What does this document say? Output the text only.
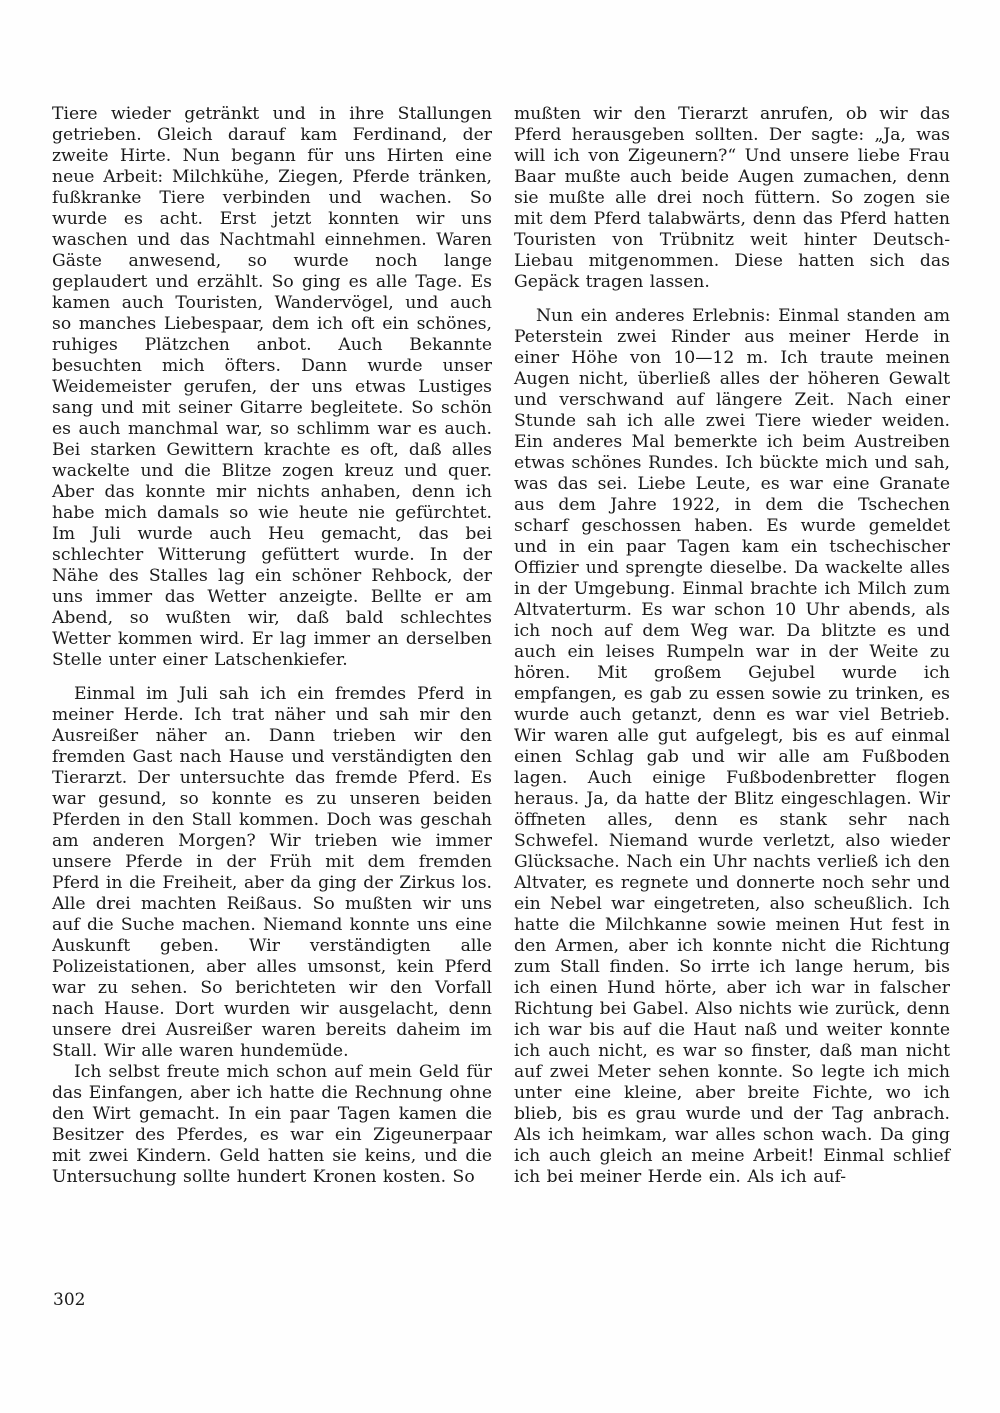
Tiere wieder getränkt und in ihre Stallungen getrieben. Gleich darauf kam Ferdinand, der zweite Hirte. Nun begann für uns Hirten eine neue Arbeit: Milchkühe, Ziegen, Pferde tränken, fußkranke Tiere verbinden und wachen. So wurde es acht. Erst jetzt konnten wir uns waschen und das Nachtmahl einnehmen. Waren Gäste anwesend, so wurde noch lange geplaudert und erzählt. So ging es alle Tage. Es kamen auch Touristen, Wandervögel, und auch so manches Liebespaar, dem ich oft ein schönes, ruhiges Plätzchen anbot. Auch Bekannte besuchten mich öfters. Dann wurde unser Weidemeister gerufen, der uns etwas Lustiges sang und mit seiner Gitarre begleitete. So schön es auch manchmal war, so schlimm war es auch. Bei starken Gewittern krachte es oft, daß alles wackelte und die Blitze zogen kreuz und quer. Aber das konnte mir nichts anhaben, denn ich habe mich damals so wie heute nie gefürchtet. Im Juli wurde auch Heu gemacht, das bei schlechter Witterung gefüttert wurde. In der Nähe des Stalles lag ein schöner Rehbock, der uns immer das Wetter anzeigte. Bellte er am Abend, so wußten wir, daß bald schlechtes Wetter kommen wird. Er lag immer an derselben Stelle unter einer Latschenkiefer.

Einmal im Juli sah ich ein fremdes Pferd in meiner Herde. Ich trat näher und sah mir den Ausreißer näher an. Dann trieben wir den fremden Gast nach Hause und verständigten den Tierarzt. Der untersuchte das fremde Pferd. Es war gesund, so konnte es zu unseren beiden Pferden in den Stall kommen. Doch was geschah am anderen Morgen? Wir trieben wie immer unsere Pferde in der Früh mit dem fremden Pferd in die Freiheit, aber da ging der Zirkus los. Alle drei machten Reißaus. So mußten wir uns auf die Suche machen. Niemand konnte uns eine Auskunft geben. Wir verständigten alle Polizeistationen, aber alles umsonst, kein Pferd war zu sehen. So berichteten wir den Vorfall nach Hause. Dort wurden wir ausgelacht, denn unsere drei Ausreißer waren bereits daheim im Stall. Wir alle waren hundemüde.

Ich selbst freute mich schon auf mein Geld für das Einfangen, aber ich hatte die Rechnung ohne den Wirt gemacht. In ein paar Tagen kamen die Besitzer des Pferdes, es war ein Zigeunerpaar mit zwei Kindern. Geld hatten sie keins, und die Untersuchung sollte hundert Kronen kosten. So

mußten wir den Tierarzt anrufen, ob wir das Pferd herausgeben sollten. Der sagte: „Ja, was will ich von Zigeunern?“ Und unsere liebe Frau Baar mußte auch beide Augen zumachen, denn sie mußte alle drei noch füttern. So zogen sie mit dem Pferd talabwärts, denn das Pferd hatten Touristen von Trübnitz weit hinter Deutsch-Liebau mitgenommen. Diese hatten sich das Gepäck tragen lassen.

Nun ein anderes Erlebnis: Einmal standen am Peterstein zwei Rinder aus meiner Herde in einer Höhe von 10—12 m. Ich traute meinen Augen nicht, überließ alles der höheren Gewalt und verschwand auf längere Zeit. Nach einer Stunde sah ich alle zwei Tiere wieder weiden. Ein anderes Mal bemerkte ich beim Austreiben etwas schönes Rundes. Ich bückte mich und sah, was das sei. Liebe Leute, es war eine Granate aus dem Jahre 1922, in dem die Tschechen scharf geschossen haben. Es wurde gemeldet und in ein paar Tagen kam ein tschechischer Offizier und sprengte dieselbe. Da wackelte alles in der Umgebung. Einmal brachte ich Milch zum Altvaterturm. Es war schon 10 Uhr abends, als ich noch auf dem Weg war. Da blitzte es und auch ein leises Rumpeln war in der Weite zu hören. Mit großem Gejubel wurde ich empfangen, es gab zu essen sowie zu trinken, es wurde auch getanzt, denn es war viel Betrieb. Wir waren alle gut aufgelegt, bis es auf einmal einen Schlag gab und wir alle am Fußboden lagen. Auch einige Fußbodenbretter flogen heraus. Ja, da hatte der Blitz eingeschlagen. Wir öffneten alles, denn es stank sehr nach Schwefel. Niemand wurde verletzt, also wieder Glücksache. Nach ein Uhr nachts verließ ich den Altvater, es regnete und donnerte noch sehr und ein Nebel war eingetreten, also scheußlich. Ich hatte die Milchkanne sowie meinen Hut fest in den Armen, aber ich konnte nicht die Richtung zum Stall finden. So irrte ich lange herum, bis ich einen Hund hörte, aber ich war in falscher Richtung bei Gabel. Also nichts wie zurück, denn ich war bis auf die Haut naß und weiter konnte ich auch nicht, es war so finster, daß man nicht auf zwei Meter sehen konnte. So legte ich mich unter eine kleine, aber breite Fichte, wo ich blieb, bis es grau wurde und der Tag anbrach. Als ich heimkam, war alles schon wach. Da ging ich auch gleich an meine Arbeit! Einmal schlief ich bei meiner Herde ein. Als ich auf-

302
